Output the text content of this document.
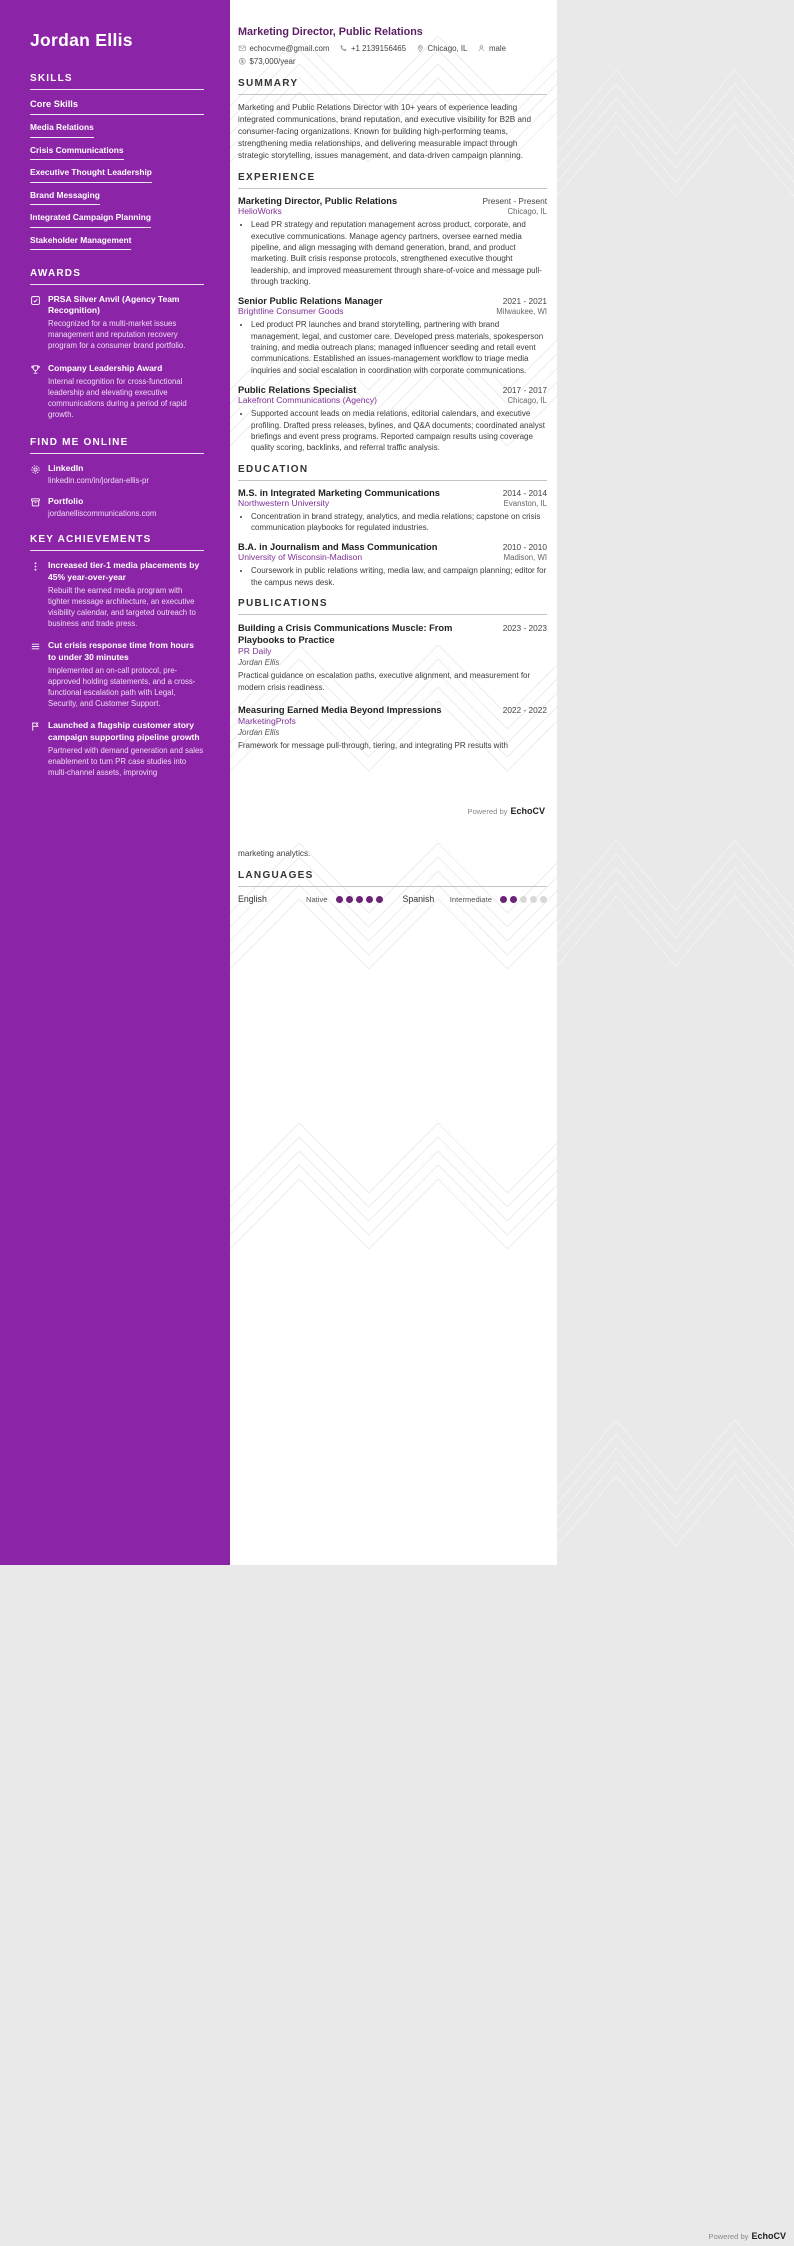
Jordan Ellis
SKILLS
Core Skills
Media RelationsCrisis CommunicationsExecutive Thought LeadershipBrand MessagingIntegrated Campaign PlanningStakeholder Management
AWARDS
PRSA Silver Anvil (Agency Team Recognition)
Recognized for a multi-market issues management and reputation recovery program for a consumer brand portfolio.
Company Leadership Award
Internal recognition for cross-functional leadership and elevating executive communications during a period of rapid growth.
FIND ME ONLINE
LinkedIn
linkedin.com/in/jordan-ellis-pr
Portfolio
jordanelliscommunications.com
KEY ACHIEVEMENTS
Increased tier-1 media placements by 45% year-over-year
Rebuilt the earned media program with tighter message architecture, an executive visibility calendar, and targeted outreach to business and trade press.
Cut crisis response time from hours to under 30 minutes
Implemented an on-call protocol, pre-approved holding statements, and a cross-functional escalation path with Legal, Security, and Customer Support.
Launched a flagship customer story campaign supporting pipeline growth
Partnered with demand generation and sales enablement to turn PR case studies into multi-channel assets, improving
Marketing Director, Public Relations
echocvme@gmail.com	+1 2139156465	Chicago, IL	male
$73,000/year
SUMMARY

Marketing and Public Relations Director with 10+ years of experience leading integrated communications, brand reputation, and executive visibility for B2B and consumer-facing organizations. Known for building high-performing teams, strengthening media relationships, and delivering measurable impact through strategic storytelling, issues management, and data-driven campaign planning.

EXPERIENCE
Marketing Director, Public Relations	Present - Present
HelioWorks	Chicago, IL
• Lead PR strategy and reputation management across product, corporate, and executive communications. Manage agency partners, oversee earned media pipeline, and align messaging with demand generation, brand, and product marketing. Built crisis response protocols, strengthened executive thought leadership, and improved measurement through share-of-voice and message pull-through tracking.
Senior Public Relations Manager	2021 - 2021
Brightline Consumer Goods	Milwaukee, WI
• Led product PR launches and brand storytelling, partnering with brand management, legal, and customer care. Developed press materials, spokesperson training, and media outreach plans; managed influencer seeding and retail event communications. Established an issues-management workflow to triage media inquiries and social escalation in coordination with corporate communications.
Public Relations Specialist	2017 - 2017
Lakefront Communications (Agency)	Chicago, IL
• Supported account leads on media relations, editorial calendars, and executive profiling. Drafted press releases, bylines, and Q&A documents; coordinated analyst briefings and event press programs. Reported campaign results using coverage quality scoring, backlinks, and referral traffic analysis.
EDUCATION
M.S. in Integrated Marketing Communications	2014 - 2014
Northwestern University	Evanston, IL
• Concentration in brand strategy, analytics, and media relations; capstone on crisis communication playbooks for regulated industries.
B.A. in Journalism and Mass Communication	2010 - 2010
University of Wisconsin-Madison	Madison, WI
• Coursework in public relations writing, media law, and campaign planning; editor for the campus news desk.
PUBLICATIONS
Building a Crisis Communications Muscle: From Playbooks to Practice
2023 - 2023
PR Daily
Jordan Ellis
Practical guidance on escalation paths, executive alignment, and measurement for modern crisis readiness.
Measuring Earned Media Beyond Impressions	2022 - 2022
MarketingProfs
Jordan Ellis
Framework for message pull-through, tiering, and integrating PR results with
Powered by EchoCV

marketing analytics.

LANGUAGES
English	Native	Spanish Intermediate
Powered by EchoCV
